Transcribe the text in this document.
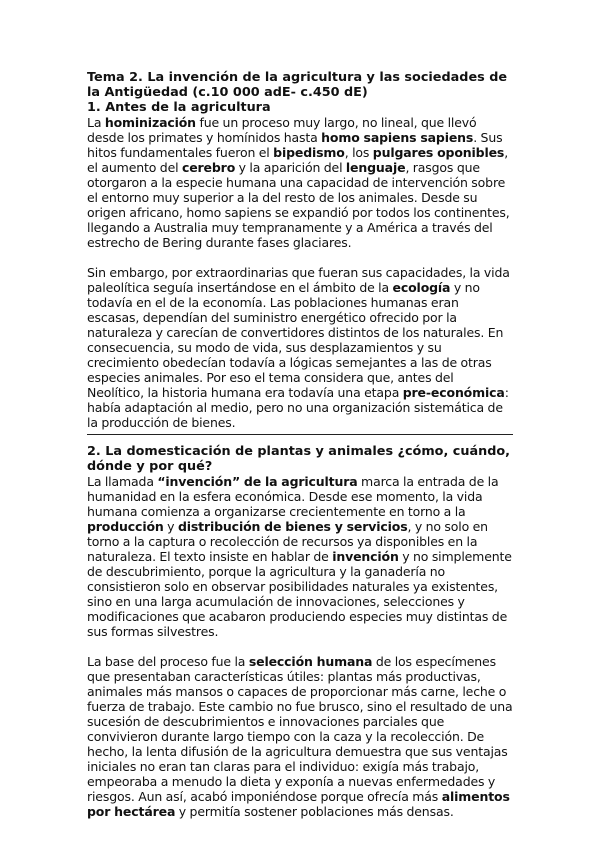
Tema 2. La invención de la agricultura y las sociedades de la Antigüedad (c.10 000 adE- c.450 dE)
1. Antes de la agricultura

La hominización fue un proceso muy largo, no lineal, que llevó desde los primates y homínidos hasta homo sapiens sapiens. Sus hitos fundamentales fueron el bipedismo, los pulgares oponibles, el aumento del cerebro y la aparición del lenguaje, rasgos que otorgaron a la especie humana una capacidad de intervención sobre el entorno muy superior a la del resto de los animales. Desde su origen africano, homo sapiens se expandió por todos los continentes, llegando a Australia muy tempranamente y a América a través del estrecho de Bering durante fases glaciares.

Sin embargo, por extraordinarias que fueran sus capacidades, la vida paleolítica seguía insertándose en el ámbito de la ecología y no todavía en el de la economía. Las poblaciones humanas eran escasas, dependían del suministro energético ofrecido por la naturaleza y carecían de convertidores distintos de los naturales. En consecuencia, su modo de vida, sus desplazamientos y su crecimiento obedecían todavía a lógicas semejantes a las de otras especies animales. Por eso el tema considera que, antes del Neolítico, la historia humana era todavía una etapa pre-económica: había adaptación al medio, pero no una organización sistemática de la producción de bienes.

2. La domesticación de plantas y animales ¿cómo, cuándo, dónde y por qué?

La llamada “invención” de la agricultura marca la entrada de la humanidad en la esfera económica. Desde ese momento, la vida humana comienza a organizarse crecientemente en torno a la producción y distribución de bienes y servicios, y no solo en torno a la captura o recolección de recursos ya disponibles en la naturaleza. El texto insiste en hablar de invención y no simplemente de descubrimiento, porque la agricultura y la ganadería no consistieron solo en observar posibilidades naturales ya existentes, sino en una larga acumulación de innovaciones, selecciones y modificaciones que acabaron produciendo especies muy distintas de sus formas silvestres.

La base del proceso fue la selección humana de los especímenes que presentaban características útiles: plantas más productivas, animales más mansos o capaces de proporcionar más carne, leche o fuerza de trabajo. Este cambio no fue brusco, sino el resultado de una sucesión de descubrimientos e innovaciones parciales que convivieron durante largo tiempo con la caza y la recolección. De hecho, la lenta difusión de la agricultura demuestra que sus ventajas iniciales no eran tan claras para el individuo: exigía más trabajo, empeoraba a menudo la dieta y exponía a nuevas enfermedades y riesgos. Aun así, acabó imponiéndose porque ofrecía más alimentos por hectárea y permitía sostener poblaciones más densas.
